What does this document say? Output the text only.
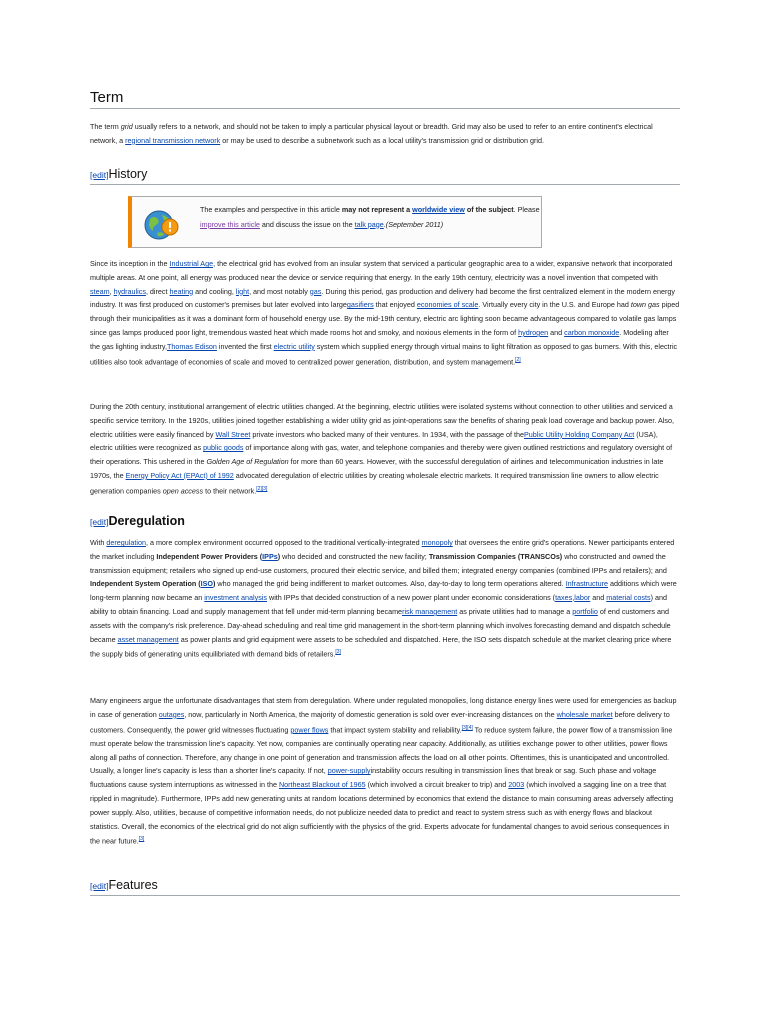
Term

The term grid usually refers to a network, and should not be taken to imply a particular physical layout or breadth. Grid may also be used to refer to an entire continent's electrical network, a regional transmission network or may be used to describe a subnetwork such as a local utility's transmission grid or distribution grid.

[edit]History
The examples and perspective in this article may not represent a worldwide view of the subject. Please improve this article and discuss the issue on the talk page.(September 2011)

Since its inception in the Industrial Age, the electrical grid has evolved from an insular system that serviced a particular geographic area to a wider, expansive network that incorporated multiple areas. At one point, all energy was produced near the device or service requiring that energy. In the early 19th century, electricity was a novel invention that competed with steam, hydraulics, direct heating and cooling, light, and most notably gas. During this period, gas production and delivery had become the first centralized element in the modern energy industry. It was first produced on customer's premises but later evolved into largegasifiers that enjoyed economies of scale. Virtually every city in the U.S. and Europe had town gas piped through their municipalities as it was a dominant form of household energy use. By the mid-19th century, electric arc lighting soon became advantageous compared to volatile gas lamps since gas lamps produced poor light, tremendous wasted heat which made rooms hot and smoky, and noxious elements in the form of hydrogen and carbon monoxide. Modeling after the gas lighting industry,Thomas Edison invented the first electric utility system which supplied energy through virtual mains to light filtration as opposed to gas burners. With this, electric utilities also took advantage of economies of scale and moved to centralized power generation, distribution, and system management.[2]

During the 20th century, institutional arrangement of electric utilities changed. At the beginning, electric utilities were isolated systems without connection to other utilities and serviced a specific service territory. In the 1920s, utilities joined together establishing a wider utility grid as joint-operations saw the benefits of sharing peak load coverage and backup power. Also, electric utilities were easily financed by Wall Street private investors who backed many of their ventures. In 1934, with the passage of thePublic Utility Holding Company Act (USA), electric utilities were recognized as public goods of importance along with gas, water, and telephone companies and thereby were given outlined restrictions and regulatory oversight of their operations. This ushered in the Golden Age of Regulation for more than 60 years. However, with the successful deregulation of airlines and telecommunication industries in late 1970s, the Energy Policy Act (EPAct) of 1992 advocated deregulation of electric utilities by creating wholesale electric markets. It required transmission line owners to allow electric generation companies open access to their network.[2][3]

[edit]Deregulation

With deregulation, a more complex environment occurred opposed to the traditional vertically-integrated monopoly that oversees the entire grid's operations. Newer participants entered the market including Independent Power Providers (IPPs) who decided and constructed the new facility; Transmission Companies (TRANSCOs) who constructed and owned the transmission equipment; retailers who signed up end-use customers, procured their electric service, and billed them; integrated energy companies (combined IPPs and retailers); and Independent System Operation (ISO) who managed the grid being indifferent to market outcomes. Also, day-to-day to long term operations altered. Infrastructure additions which were long-term planning now became an investment analysis with IPPs that decided construction of a new power plant under economic considerations (taxes,labor and material costs) and ability to obtain financing. Load and supply management that fell under mid-term planning becamerisk management as private utilities had to manage a portfolio of end customers and assets with the company's risk preference. Day-ahead scheduling and real time grid management in the short-term planning which involves forecasting demand and dispatch schedule became asset management as power plants and grid equipment were assets to be scheduled and dispatched. Here, the ISO sets dispatch schedule at the market clearing price where the supply bids of generating units equilibriated with demand bids of retailers.[3]

Many engineers argue the unfortunate disadvantages that stem from deregulation. Where under regulated monopolies, long distance energy lines were used for emergencies as backup in case of generation outages, now, particularly in North America, the majority of domestic generation is sold over ever-increasing distances on the wholesale market before delivery to customers. Consequently, the power grid witnesses fluctuating power flows that impact system stability and reliability.[3][4] To reduce system failure, the power flow of a transmission line must operate below the transmission line's capacity. Yet now, companies are continually operating near capacity. Additionally, as utilities exchange power to other utilities, power flows along all paths of connection. Therefore, any change in one point of generation and transmission affects the load on all other points. Oftentimes, this is unanticipated and uncontrolled. Usually, a longer line's capacity is less than a shorter line's capacity. If not, power-supplyinstability occurs resulting in transmission lines that break or sag. Such phase and voltage fluctuations cause system interruptions as witnessed in the Northeast Blackout of 1965 (which involved a circuit breaker to trip) and 2003 (which involved a sagging line on a tree that rippled in magnitude). Furthermore, IPPs add new generating units at random locations determined by economics that extend the distance to main consuming areas adversely affecting power supply. Also, utilities, because of competitive information needs, do not publicize needed data to predict and react to system stress such as with energy flows and blackout statistics. Overall, the economics of the electrical grid do not align sufficiently with the physics of the grid. Experts advocate for fundamental changes to avoid serious consequences in the near future.[3]

[edit]Features
